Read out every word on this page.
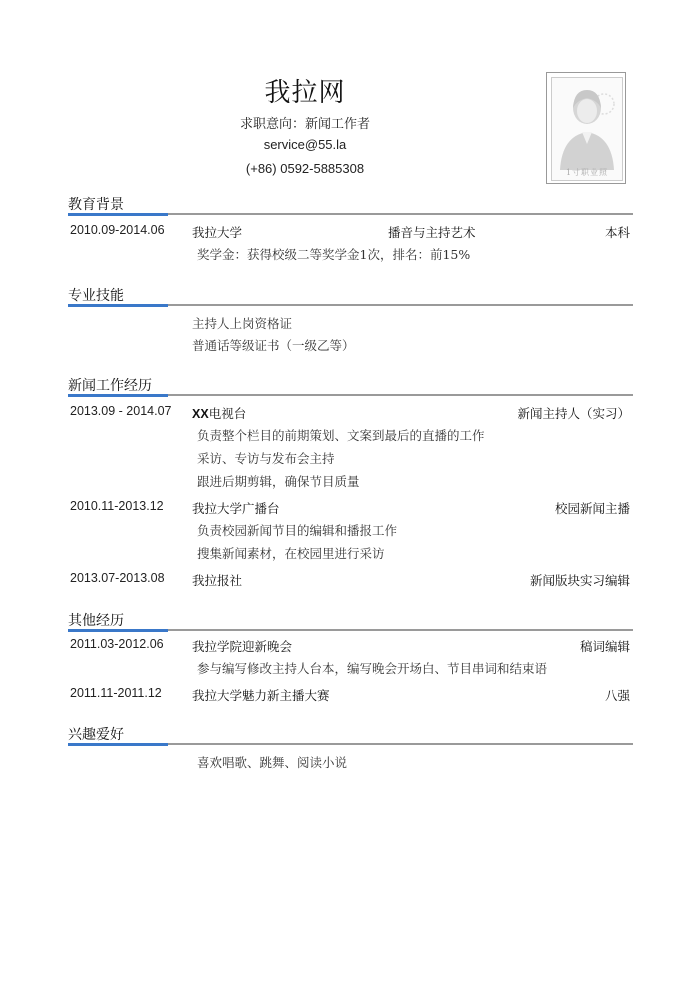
我拉网
求职意向：新闻工作者
service@55.la
(+86) 0592-5885308	1寸职业照
教育背景
2010.09-2014.06 我拉大学	播音与主持艺术	本科
奖学金：获得校级二等奖学金1次，排名：前15%
专业技能
主持人上岗资格证
普通话等级证书（一级乙等）
新闻工作经历
2013.09 - 2014.07 XX电视台	新闻主持人（实习）
负责整个栏目的前期策划、文案到最后的直播的工作
采访、专访与发布会主持
跟进后期剪辑，确保节目质量
2010.11-2013.12 我拉大学广播台	校园新闻主播
负责校园新闻节目的编辑和播报工作
搜集新闻素材，在校园里进行采访
2013.07-2013.08 我拉报社	新闻版块实习编辑
其他经历
2011.03-2012.06 我拉学院迎新晚会	稿词编辑
参与编写修改主持人台本，编写晚会开场白、节目串词和结束语
2011.11-2011.12 我拉大学魅力新主播大赛	八强
兴趣爱好
喜欢唱歌、跳舞、阅读小说
